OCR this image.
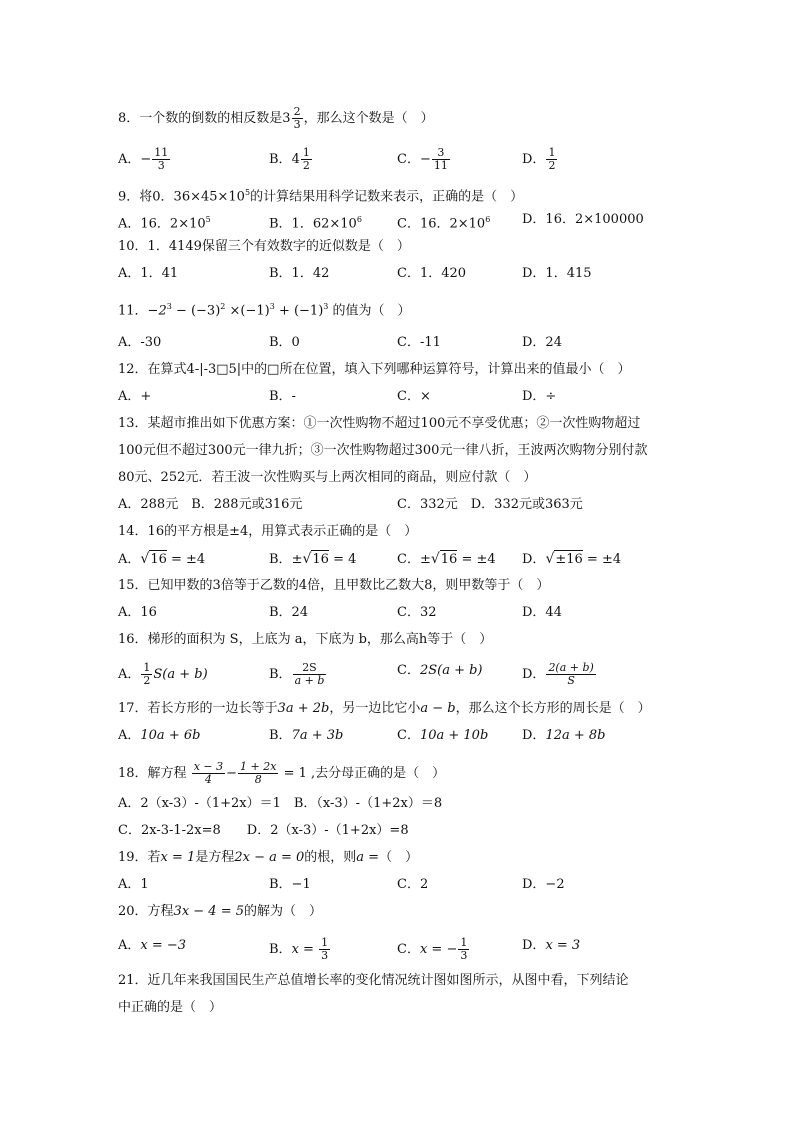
8．一个数的倒数的相反数是$3 \frac{2}{3}$ ，那么这个数是（　）
A．− $\frac{11}{3}$	B．$4 \frac{1}{2}$	C．− $\frac{3}{11}$	D． $\frac{1}{2}$
9．将0．$36\times 45\times 10^5$的计算结果用科学记数来表示，正确的是（　）
A．16．$2\times 10^5$	B．1．$62\times 10^6$	C．16．$2\times 10^6$ D．16．2×100000
10．1．4149保留三个有效数字的近似数是（　）
A．1．41	B．1．42	C．1．420	D．1．415
11．$-2^3 - (-3)^2 \times(-1)^3 + (-1)^3$ 的值为（　）
A．-30	B．0	C．-11	D．24
12．在算式4-|-3□5|中的□所在位置，填入下列哪种运算符号，计算出来的值最小（　）
A．+	B．-	C．×	D．÷
13．某超市推出如下优惠方案：①一次性购物不超过100元不享受优惠；②一次性购物超过
100元但不超过300元一律九折；③一次性购物超过300元一律八折，王波两次购物分别付款
80元、252元．若王波一次性购买与上两次相同的商品，则应付款（　）
A．288元　B．288元或316元	C．332元　D．332元或363元
14．16的平方根是±4，用算式表示正确的是（　）
A．√16 = ±4	B．±√16 = 4	C．±√16 = ±4 D．√±16 = ±4
15．已知甲数的3倍等于乙数的4倍，且甲数比乙数大8，则甲数等于（　）
A．16	B．24	C．32	D．44
16．梯形的面积为 S，上底为 a，下底为 b，那么高h等于（　）
A． $\frac{1}{2} S(a + b)$	B． $\frac{2S}{a + b}$	C．2S(a + b)	D． $\frac{2(a + b)}{S}$
17．若长方形的一边长等于3a + 2b，另一边比它小a − b，那么这个长方形的周长是（　）
A．10a + 6b	B．7a + 3b	C．10a + 10b	D．12a + 8b
18．解方程 $\frac{x - 3}{4} - \frac{1 + 2x}{8} = 1$ ,去分母正确的是（　）
A．2（x-3）-（1+2x）＝1　B．（x-3）-（1+2x）＝8
C．2x-3-1-2x=8　　D．2（x-3）-（1+2x）=8
19．若x = 1是方程2x − a = 0的根，则a =（　）
A．1	B．−1	C．2	D．−2
20．方程3x − 4 = 5的解为（　）
A．x = −3	B．$x = \frac{1}{3}$	C．x = − $\frac{1}{3}$	D．x = 3
21．近几年来我国国民生产总值增长率的变化情况统计图如图所示，从图中看，下列结论
中正确的是（　）
